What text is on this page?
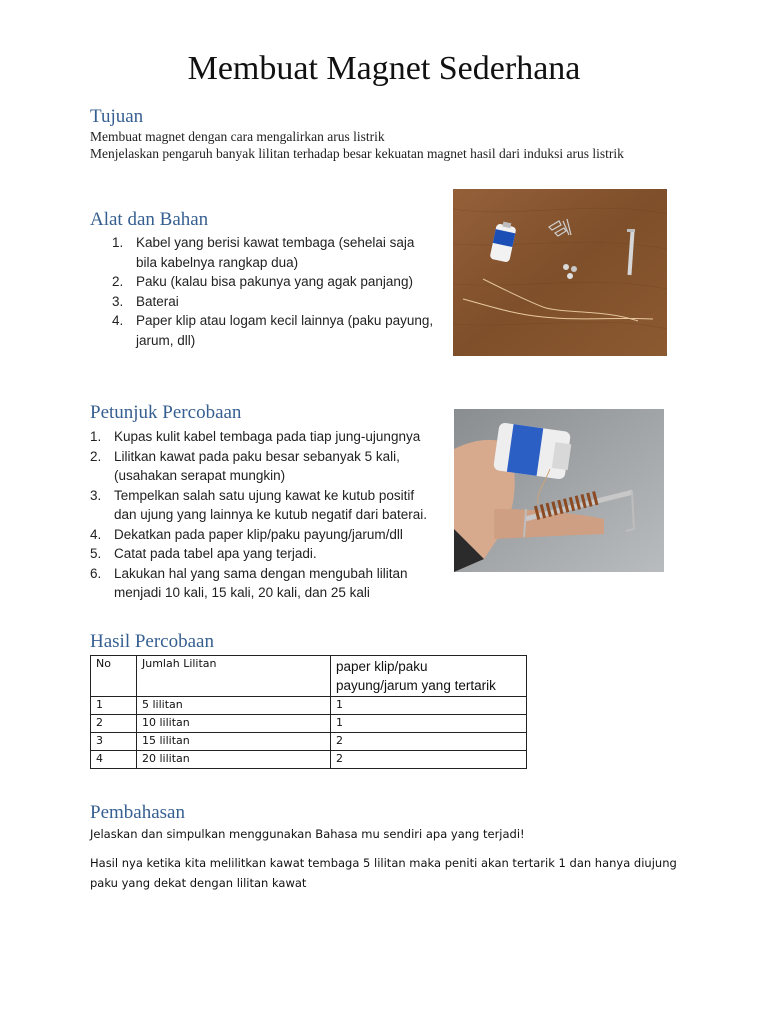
Membuat Magnet Sederhana
Tujuan
Membuat magnet dengan cara mengalirkan arus listrik
Menjelaskan pengaruh banyak lilitan terhadap besar kekuatan magnet hasil dari induksi arus listrik
Alat dan Bahan
1. Kabel yang berisi kawat tembaga (sehelai saja
bila kabelnya rangkap dua)
2. Paku (kalau bisa pakunya yang agak panjang)
3. Baterai
4. Paper klip atau logam kecil lainnya (paku payung,
jarum, dll)
Petunjuk Percobaan
1. Kupas kulit kabel tembaga pada tiap jung-ujungnya
2. Lilitkan kawat pada paku besar sebanyak 5 kali,
(usahakan serapat mungkin)
3. Tempelkan salah satu ujung kawat ke kutub positif
dan ujung yang lainnya ke kutub negatif dari baterai.
4. Dekatkan pada paper klip/paku payung/jarum/dll
5. Catat pada tabel apa yang terjadi.
6. Lakukan hal yang sama dengan mengubah lilitan
menjadi 10 kali, 15 kali, 20 kali, dan 25 kali
Hasil Percobaan
No	Jumlah Lilitan	paper klip/paku
payung/jarum yang tertarik
1	5 lilitan	1
2	10 lilitan	1
3	15 lilitan	2
4	20 lilitan	2
Pembahasan
Jelaskan dan simpulkan menggunakan Bahasa mu sendiri apa yang terjadi!
Hasil nya ketika kita melilitkan kawat tembaga 5 lilitan maka peniti akan tertarik 1 dan hanya diujung
paku yang dekat dengan lilitan kawat
